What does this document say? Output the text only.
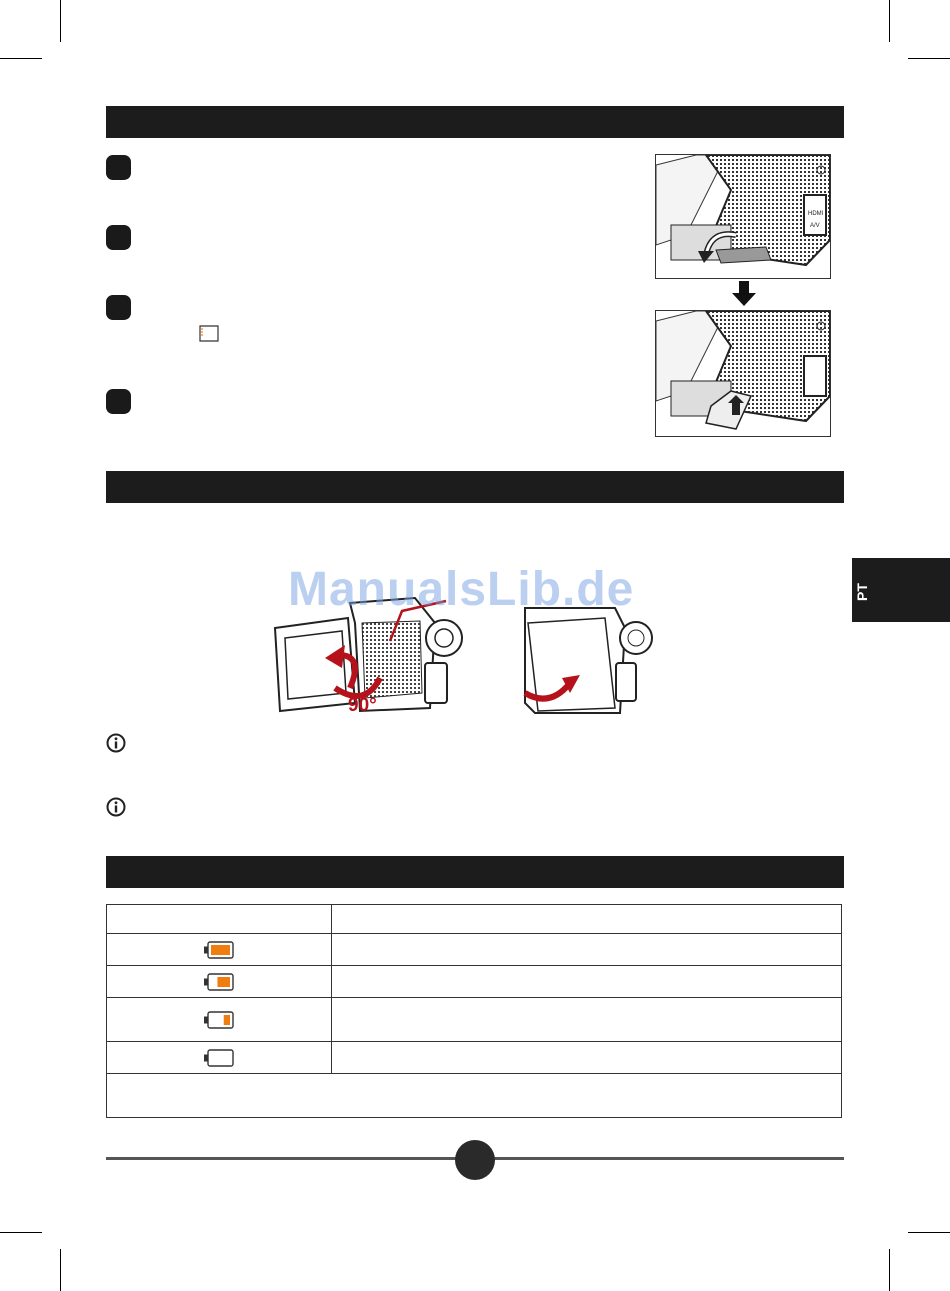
HDMI
A/V
90°
ManualsLib.de	PT
